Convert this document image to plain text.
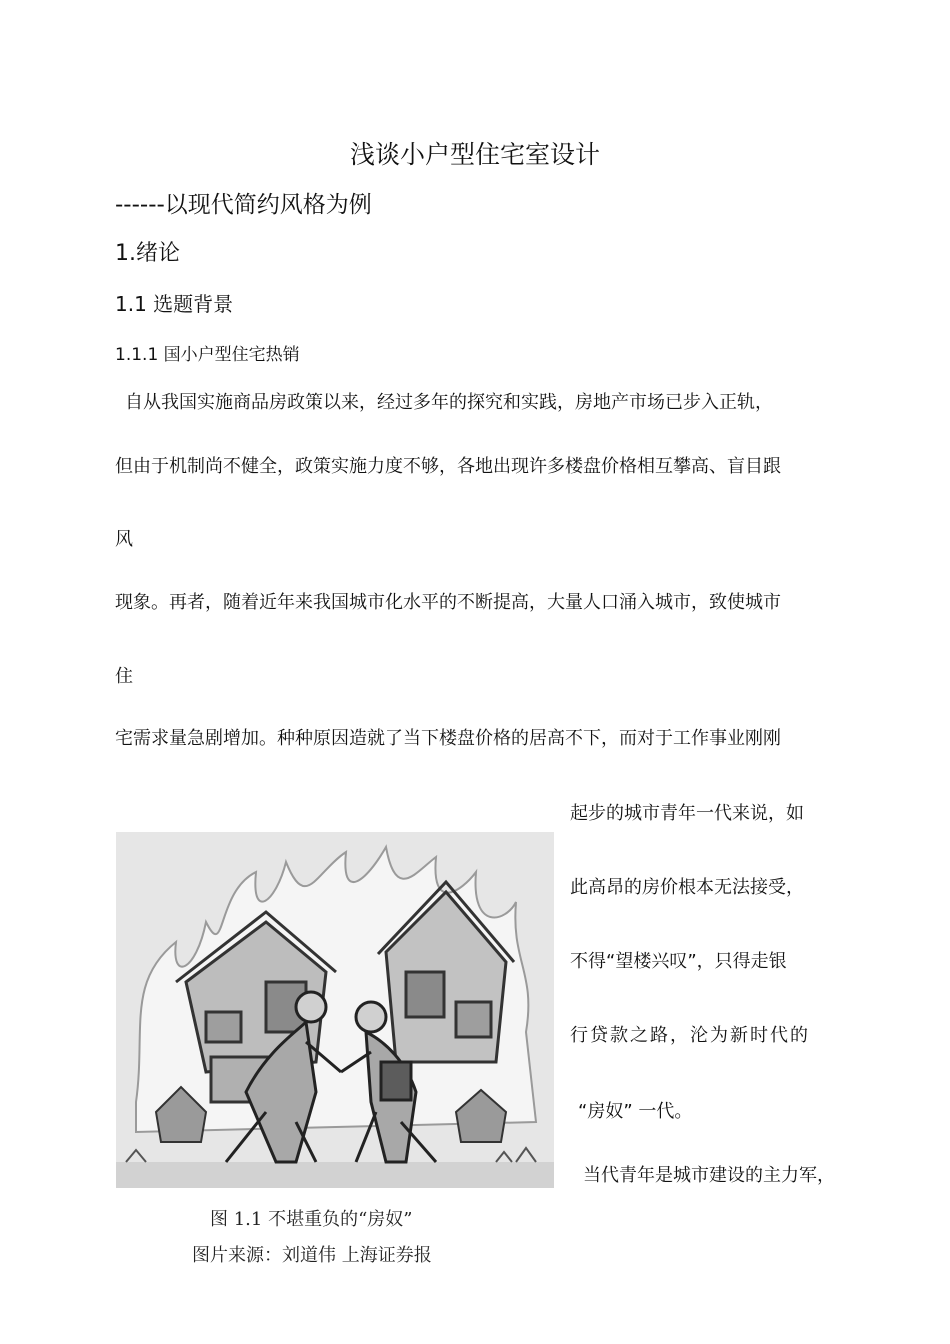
浅谈小户型住宅室设计
------以现代简约风格为例
1.绪论
1.1 选题背景
1.1.1 国小户型住宅热销
自从我国实施商品房政策以来，经过多年的探究和实践，房地产市场已步入正轨，
但由于机制尚不健全，政策实施力度不够，各地出现许多楼盘价格相互攀高、盲目跟
风
现象。再者，随着近年来我国城市化水平的不断提高，大量人口涌入城市，致使城市
住
宅需求量急剧增加。种种原因造就了当下楼盘价格的居高不下，而对于工作事业刚刚
起步的城市青年一代来说，如
此高昂的房价根本无法接受，
不得“望楼兴叹”，只得走银
行贷款之路，沦为新时代的
“房奴” 一代。
当代青年是城市建设的主力军，
图 1.1 不堪重负的“房奴”
图片来源：刘道伟 上海证券报
